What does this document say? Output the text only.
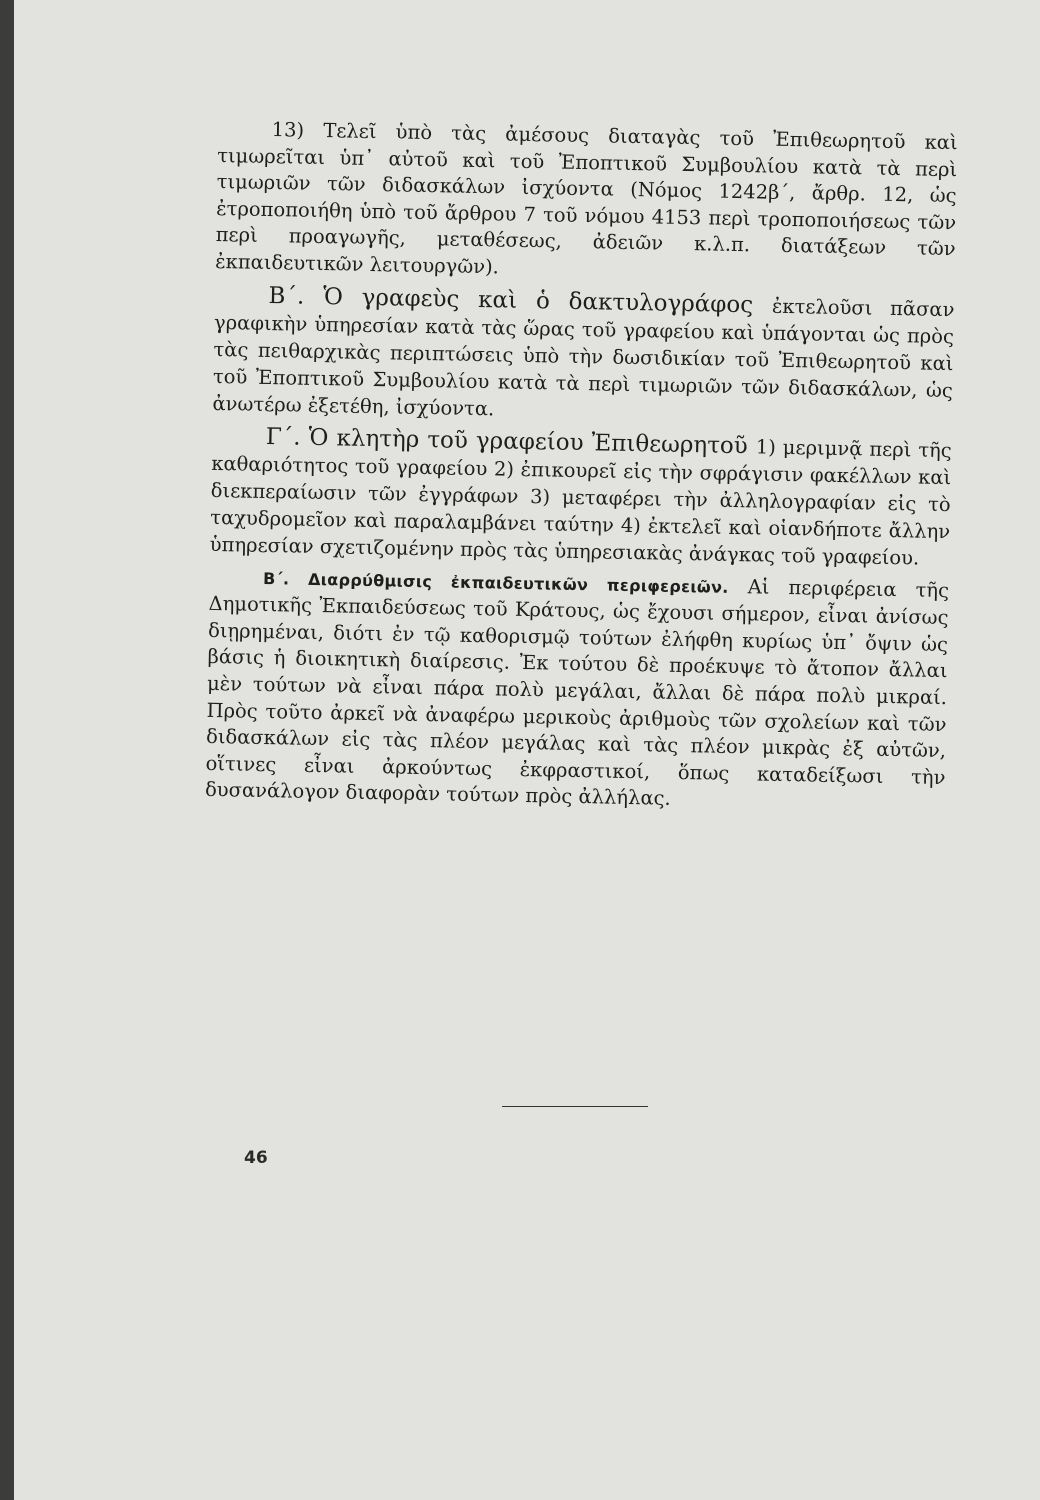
13) Τελεῖ ὑπὸ τὰς ἀμέσους διαταγὰς τοῦ Ἐπιθεωρητοῦ καὶ τιμωρεῖται ὑπ᾽ αὐτοῦ καὶ τοῦ Ἐποπτικοῦ Συμβουλίου κατὰ τὰ περὶ τιμωριῶν τῶν διδασκάλων ἰσχύοντα (Νόμος 1242β΄, ἄρθρ. 12, ὡς ἐτροποποιήθη ὑπὸ τοῦ ἄρθρου 7 τοῦ νόμου 4153 περὶ τροποποιήσεως τῶν περὶ προαγωγῆς, μεταθέσεως, ἀδειῶν κ.λ.π. διατάξεων τῶν ἐκπαιδευτικῶν λειτουργῶν).

Β΄. Ὁ γραφεὺς καὶ ὁ δακτυλογράφος ἐκτελοῦσι πᾶσαν γραφικὴν ὑπηρεσίαν κατὰ τὰς ὥρας τοῦ γραφείου καὶ ὑπάγονται ὡς πρὸς τὰς πειθαρχικὰς περιπτώσεις ὑπὸ τὴν δωσιδικίαν τοῦ Ἐπιθεωρητοῦ καὶ τοῦ Ἐποπτικοῦ Συμβουλίου κατὰ τὰ περὶ τιμωριῶν τῶν διδασκάλων, ὡς ἀνωτέρω ἐξετέθη, ἰσχύοντα.

Γ΄. Ὁ κλητὴρ τοῦ γραφείου Ἐπιθεωρητοῦ 1) μεριμνᾷ περὶ τῆς καθαριότητος τοῦ γραφείου 2) ἐπικουρεῖ εἰς τὴν σφράγισιν φακέλλων καὶ διεκπεραίωσιν τῶν ἐγγράφων 3) μεταφέρει τὴν ἀλληλογραφίαν εἰς τὸ ταχυδρομεῖον καὶ παραλαμβάνει ταύτην 4) ἐκτελεῖ καὶ οἱανδήποτε ἄλλην ὑπηρεσίαν σχετιζομένην πρὸς τὰς ὑπηρεσιακὰς ἀνάγκας τοῦ γραφείου.

Β΄. Διαρρύθμισις ἐκπαιδευτικῶν περιφερειῶν. Αἱ περιφέρεια τῆς Δημοτικῆς Ἐκπαιδεύσεως τοῦ Κράτους, ὡς ἔχουσι σήμερον, εἶναι ἀνίσως διῃρημέναι, διότι ἐν τῷ καθορισμῷ τούτων ἐλήφθη κυρίως ὑπ᾽ ὄψιν ὡς βάσις ἡ διοικητικὴ διαίρεσις. Ἐκ τούτου δὲ προέκυψε τὸ ἄτοπον ἄλλαι μὲν τούτων νὰ εἶναι πάρα πολὺ μεγάλαι, ἄλλαι δὲ πάρα πολὺ μικραί. Πρὸς τοῦτο ἀρκεῖ νὰ ἀναφέρω μερικοὺς ἀριθμοὺς τῶν σχολείων καὶ τῶν διδασκάλων εἰς τὰς πλέον μεγάλας καὶ τὰς πλέον μικρὰς ἐξ αὐτῶν, οἵτινες εἶναι ἀρκούντως ἐκφραστικοί, ὅπως καταδείξωσι τὴν δυσανάλογον διαφορὰν τούτων πρὸς ἀλλήλας.

46
